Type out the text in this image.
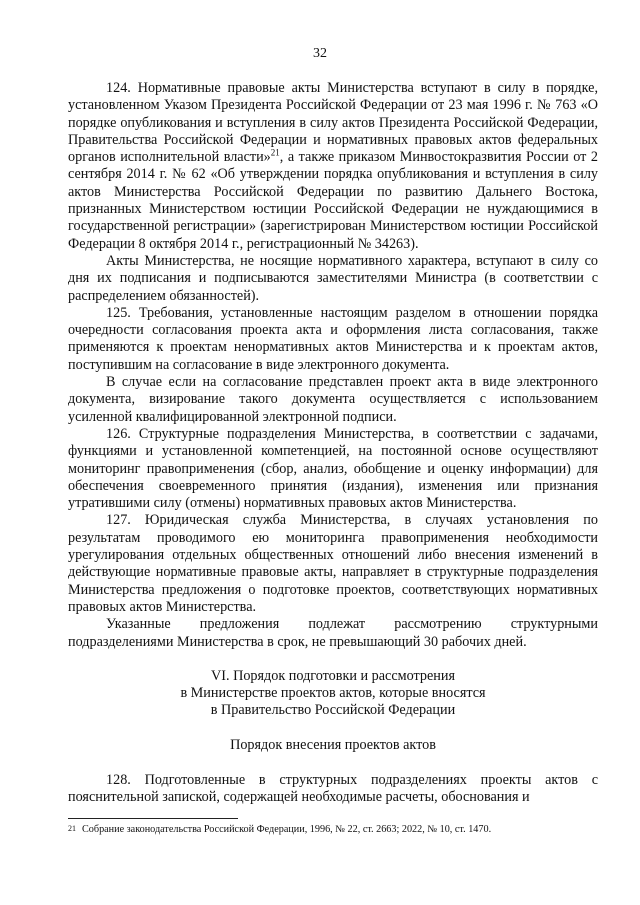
32

124. Нормативные правовые акты Министерства вступают в силу в порядке, установленном Указом Президента Российской Федерации от 23 мая 1996 г. № 763 «О порядке опубликования и вступления в силу актов Президента Российской Федерации, Правительства Российской Федерации и нормативных правовых актов федеральных органов исполнительной власти»$^{21}$, а также приказом Минвостокразвития России от 2 сентября 2014 г. № 62 «Об утверждении порядка опубликования и вступления в силу актов Министерства Российской Федерации по развитию Дальнего Востока, признанных Министерством юстиции Российской Федерации не нуждающимися в государственной регистрации» (зарегистрирован Министерством юстиции Российской Федерации 8 октября 2014 г., регистрационный № 34263).

Акты Министерства, не носящие нормативного характера, вступают в силу со дня их подписания и подписываются заместителями Министра (в соответствии с распределением обязанностей).

125. Требования, установленные настоящим разделом в отношении порядка очередности согласования проекта акта и оформления листа согласования, также применяются к проектам ненормативных актов Министерства и к проектам актов, поступившим на согласование в виде электронного документа.

В случае если на согласование представлен проект акта в виде электронного документа, визирование такого документа осуществляется с использованием усиленной квалифицированной электронной подписи.

126. Структурные подразделения Министерства, в соответствии с задачами, функциями и установленной компетенцией, на постоянной основе осуществляют мониторинг правоприменения (сбор, анализ, обобщение и оценку информации) для обеспечения своевременного принятия (издания), изменения или признания утратившими силу (отмены) нормативных правовых актов Министерства.

127. Юридическая служба Министерства, в случаях установления по результатам проводимого ею мониторинга правоприменения необходимости урегулирования отдельных общественных отношений либо внесения изменений в действующие нормативные правовые акты, направляет в структурные подразделения Министерства предложения о подготовке проектов, соответствующих нормативных правовых актов Министерства.

Указанные предложения подлежат рассмотрению структурными подразделениями Министерства в срок, не превышающий 30 рабочих дней.

VI. Порядок подготовки и рассмотрения
в Министерстве проектов актов, которые вносятся
в Правительство Российской Федерации
Порядок внесения проектов актов

128. Подготовленные в структурных подразделениях проекты актов с пояснительной запиской, содержащей необходимые расчеты, обоснования и

21 Собрание законодательства Российской Федерации, 1996, № 22, ст. 2663; 2022, № 10, ст. 1470.
